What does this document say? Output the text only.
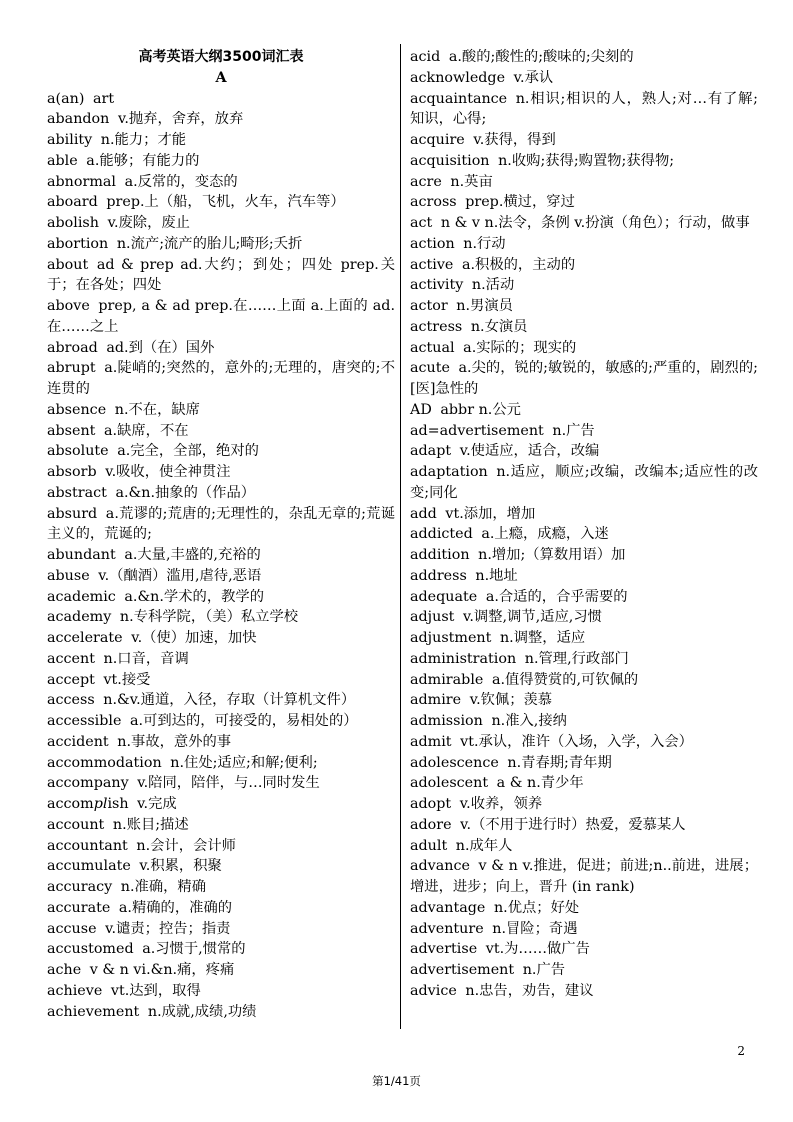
高考英语大纲3500词汇表
A

a(an) art

abandon v.抛弃，舍弃，放弃

ability n.能力；才能

able a.能够；有能力的

abnormal a.反常的，变态的

aboard prep.上（船，飞机，火车，汽车等）

abolish v.废除，废止

abortion n.流产;流产的胎儿;畸形;夭折

about ad & prep ad.大约；到处；四处 prep.关于；在各处；四处

above prep, a & ad prep.在……上面 a.上面的 ad.在……之上

abroad ad.到（在）国外

abrupt a.陡峭的;突然的，意外的;无理的，唐突的;不连贯的

absence n.不在，缺席

absent a.缺席，不在

absolute a.完全，全部，绝对的

absorb v.吸收，使全神贯注

abstract a.&n.抽象的（作品）

absurd a.荒谬的;荒唐的;无理性的，杂乱无章的;荒诞主义的，荒诞的;

abundant a.大量,丰盛的,充裕的

abuse v.（酗酒）滥用,虐待,恶语

academic a.&n.学术的，教学的

academy n.专科学院，（美）私立学校

accelerate v.（使）加速，加快

accent n.口音，音调

accept vt.接受

access n.&v.通道，入径，存取（计算机文件）

accessible a.可到达的，可接受的，易相处的）

accident n.事故，意外的事

accommodation n.住处;适应;和解;便利;

accompany v.陪同，陪伴，与…同时发生

accomplish v.完成

account n.账目;描述

accountant n.会计，会计师

accumulate v.积累，积聚

accuracy n.准确，精确

accurate a.精确的，准确的

accuse v.谴责；控告；指责

accustomed a.习惯于,惯常的

ache v & n vi.&n.痛，疼痛

achieve vt.达到，取得

achievement n.成就,成绩,功绩

acid a.酸的;酸性的;酸味的;尖刻的

acknowledge v.承认

acquaintance n.相识;相识的人，熟人;对…有了解;知识，心得;

acquire v.获得，得到

acquisition n.收购;获得;购置物;获得物;

acre n.英亩

across prep.横过，穿过

act n & v n.法令，条例 v.扮演（角色）；行动，做事

action n.行动

active a.积极的，主动的

activity n.活动

actor n.男演员

actress n.女演员

actual a.实际的；现实的

acute a.尖的，锐的;敏锐的，敏感的;严重的，剧烈的;[医]急性的

AD abbr n.公元

ad=advertisement n.广告

adapt v.使适应，适合，改编

adaptation n.适应，顺应;改编，改编本;适应性的改变;同化

add vt.添加，增加

addicted a.上瘾，成瘾，入迷

addition n.增加;（算数用语）加

address n.地址

adequate a.合适的，合乎需要的

adjust v.调整,调节,适应,习惯

adjustment n.调整，适应

administration n.管理,行政部门

admirable a.值得赞赏的,可钦佩的

admire v.钦佩；羡慕

admission n.准入,接纳

admit vt.承认，准许（入场，入学，入会）

adolescence n.青春期;青年期

adolescent a & n.青少年

adopt v.收养，领养

adore v.（不用于进行时）热爱，爱慕某人

adult n.成年人

advance v & n v.推进，促进；前进;n..前进，进展；增进，进步；向上，晋升 (in rank)

advantage n.优点；好处

adventure n.冒险；奇遇

advertise vt.为……做广告

advertisement n.广告

advice n.忠告，劝告，建议

2
第1/41页
